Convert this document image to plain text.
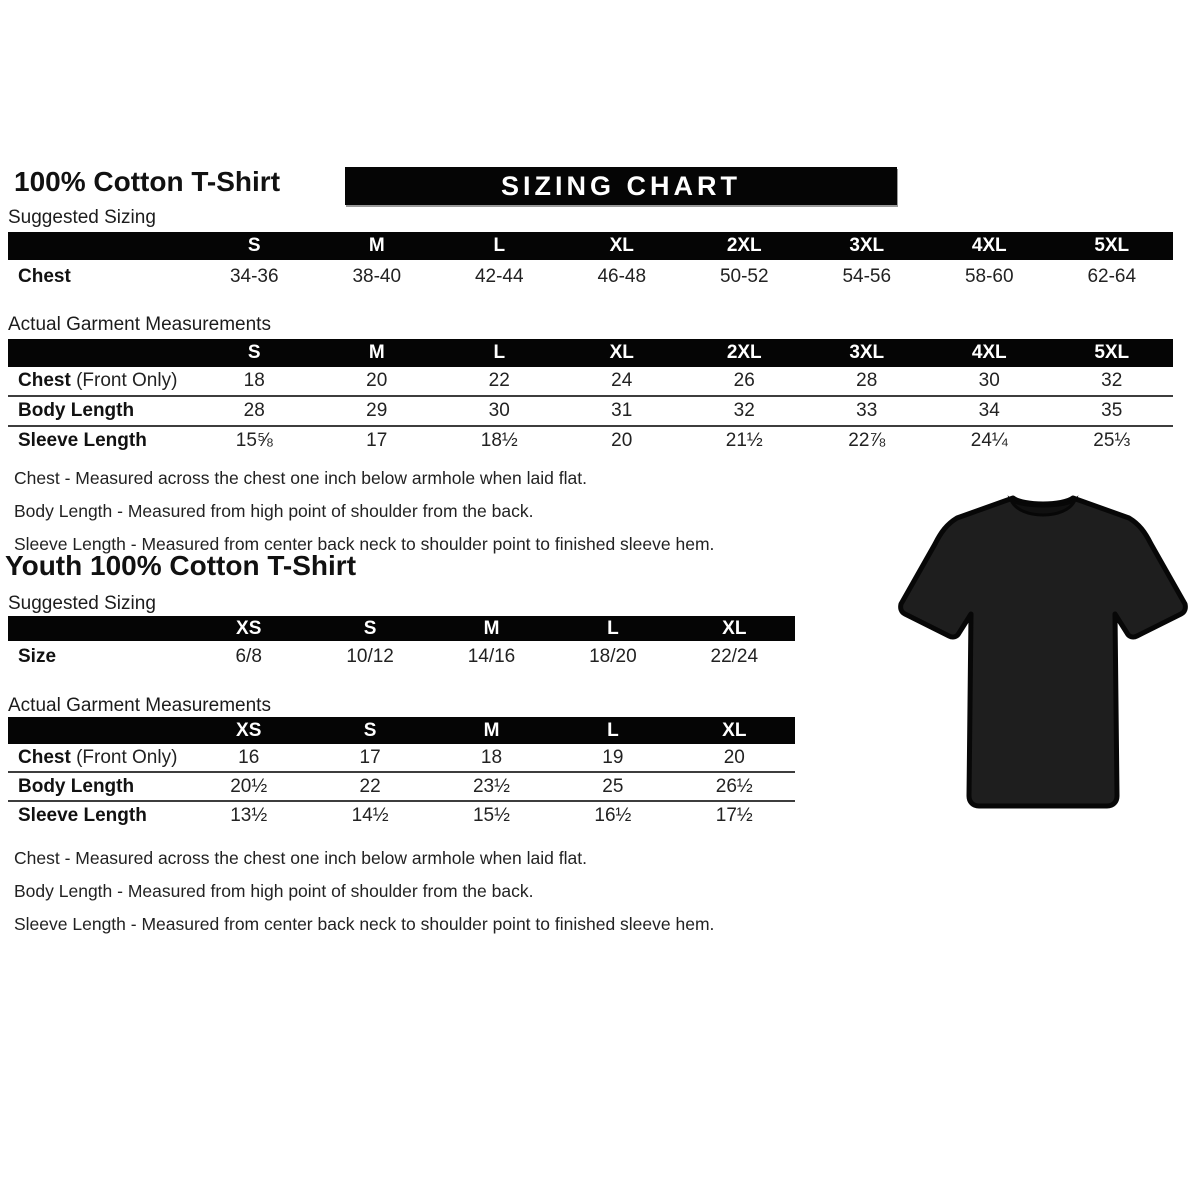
100% Cotton T-Shirt	SIZING CHART
Suggested Sizing
	S	M	L	XL	2XL	3XL	4XL	5XL
Chest	34-36	38-40	42-44	46-48	50-52	54-56	58-60	62-64
Actual Garment Measurements
	S	M	L	XL	2XL	3XL	4XL	5XL
Chest (Front Only)	18	20	22	24	26	28	30	32
Body Length	28	29	30	31	32	33	34	35
Sleeve Length	15⅝	17	18½	20	21½	22⅞	24¼	25⅓
Chest - Measured across the chest one inch below armhole when laid flat.
Body Length - Measured from high point of shoulder from the back.
Sleeve Length - Measured from center back neck to shoulder point to finished sleeve hem.
Youth 100% Cotton T-Shirt
Suggested Sizing
	XS	S	M	L	XL
Size	6/8	10/12	14/16	18/20	22/24
Actual Garment Measurements
	XS	S	M	L	XL
Chest (Front Only)	16	17	18	19	20
Body Length	20½	22	23½	25	26½
Sleeve Length	13½	14½	15½	16½	17½
Chest - Measured across the chest one inch below armhole when laid flat.
Body Length - Measured from high point of shoulder from the back.
Sleeve Length - Measured from center back neck to shoulder point to finished sleeve hem.
